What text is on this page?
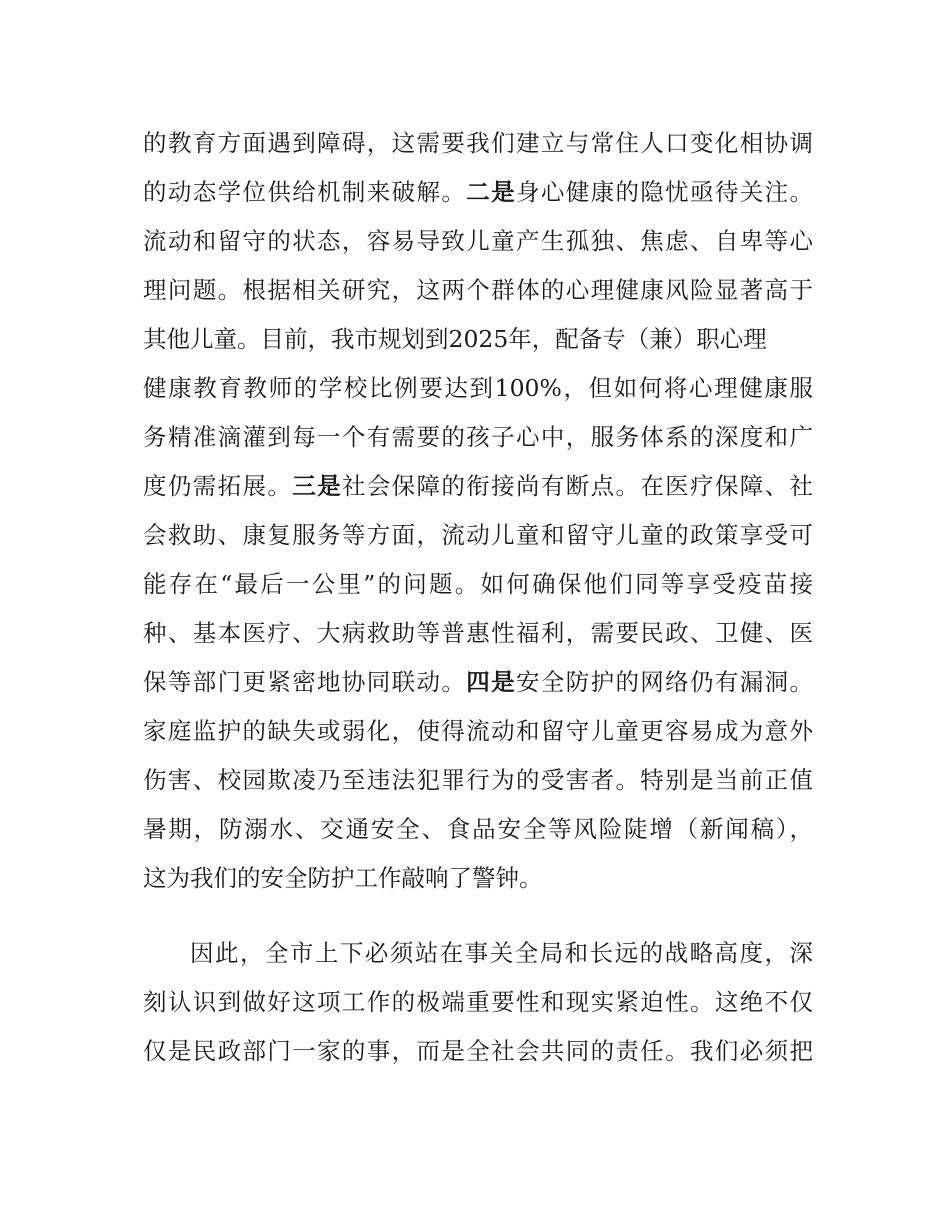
的教育方面遇到障碍，这需要我们建立与常住人口变化相协调
的动态学位供给机制来破解。二是身心健康的隐忧亟待关注。
流动和留守的状态，容易导致儿童产生孤独、焦虑、自卑等心
理问题。根据相关研究，这两个群体的心理健康风险显著高于
其他儿童。目前，我市规划到2025年，配备专（兼）职心理
健康教育教师的学校比例要达到100%，但如何将心理健康服
务精准滴灌到每一个有需要的孩子心中，服务体系的深度和广
度仍需拓展。三是社会保障的衔接尚有断点。在医疗保障、社
会救助、康复服务等方面，流动儿童和留守儿童的政策享受可
能存在“最后一公里”的问题。如何确保他们同等享受疫苗接
种、基本医疗、大病救助等普惠性福利，需要民政、卫健、医
保等部门更紧密地协同联动。四是安全防护的网络仍有漏洞。
家庭监护的缺失或弱化，使得流动和留守儿童更容易成为意外
伤害、校园欺凌乃至违法犯罪行为的受害者。特别是当前正值
暑期，防溺水、交通安全、食品安全等风险陡增（新闻稿），
这为我们的安全防护工作敲响了警钟。
因此，全市上下必须站在事关全局和长远的战略高度，深
刻认识到做好这项工作的极端重要性和现实紧迫性。这绝不仅
仅是民政部门一家的事，而是全社会共同的责任。我们必须把
